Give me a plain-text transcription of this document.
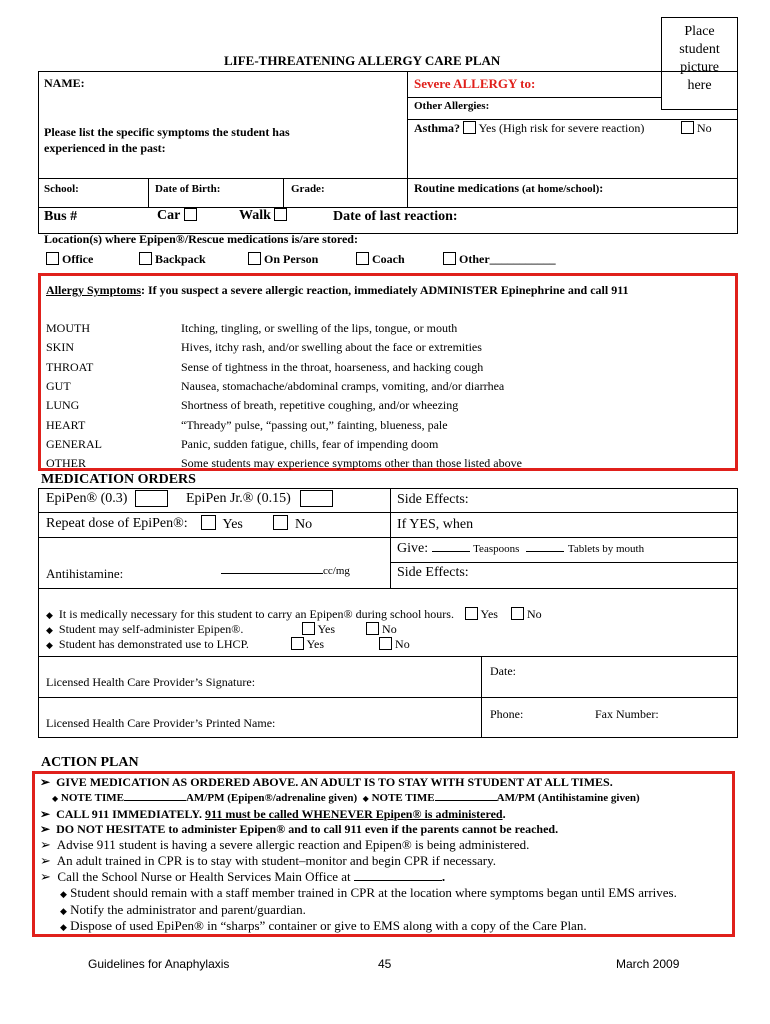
Place
student
picture
here
LIFE-THREATENING ALLERGY CARE PLAN
NAME:	Severe ALLERGY to:
Other Allergies:
Please list the specific symptoms the student has experienced in the past:
Asthma? Yes (High risk for severe reaction)	No
School:	Date of Birth:	Grade:	Routine medications (at home/school):
Bus #	Car	Walk	Date of last reaction:
Location(s) where Epipen®/Rescue medications is/are stored:
Office	Backpack	On Person	Coach	Other___________
Allergy Symptoms: If you suspect a severe allergic reaction, immediately ADMINISTER Epinephrine and call 911
MOUTH	Itching, tingling, or swelling of the lips, tongue, or mouth
SKIN	Hives, itchy rash, and/or swelling about the face or extremities
THROAT	Sense of tightness in the throat, hoarseness, and hacking cough
GUT	Nausea, stomachache/abdominal cramps, vomiting, and/or diarrhea
LUNG	Shortness of breath, repetitive coughing, and/or wheezing
HEART	“Thready” pulse, “passing out,” fainting, blueness, pale
GENERAL	Panic, sudden fatigue, chills, fear of impending doom
OTHER	Some students may experience symptoms other than those listed above
MEDICATION ORDERS
EpiPen® (0.3)	EpiPen Jr.® (0.15)	Side Effects:
Repeat dose of EpiPen®:	Yes	No	If YES, when
Give:	Teaspoons	Tablets by mouth
Antihistamine:	cc/mg	Side Effects:
◆ It is medically necessary for this student to carry an Epipen® during school hours. Yes No
◆ Student may self-administer Epipen®.	Yes	No
◆ Student has demonstrated use to LHCP.	Yes	No
Licensed Health Care Provider’s Signature:
Date:
Licensed Health Care Provider’s Printed Name:
Phone:	Fax Number:
ACTION PLAN
➢ GIVE MEDICATION AS ORDERED ABOVE. AN ADULT IS TO STAY WITH STUDENT AT ALL TIMES.
◆ NOTE TIME	AM/PM (Epipen®/adrenaline given) ◆ NOTE TIME	AM/PM (Antihistamine given)
➢ CALL 911 IMMEDIATELY. 911 must be called WHENEVER Epipen® is administered.
➢ DO NOT HESITATE to administer Epipen® and to call 911 even if the parents cannot be reached.
➢ Advise 911 student is having a severe allergic reaction and Epipen® is being administered.
➢ An adult trained in CPR is to stay with student–monitor and begin CPR if necessary.
➢ Call the School Nurse or Health Services Main Office at	.
◆ Student should remain with a staff member trained in CPR at the location where symptoms began until EMS arrives.
◆ Notify the administrator and parent/guardian.
◆ Dispose of used EpiPen® in “sharps” container or give to EMS along with a copy of the Care Plan.
Guidelines for Anaphylaxis	45	March 2009
